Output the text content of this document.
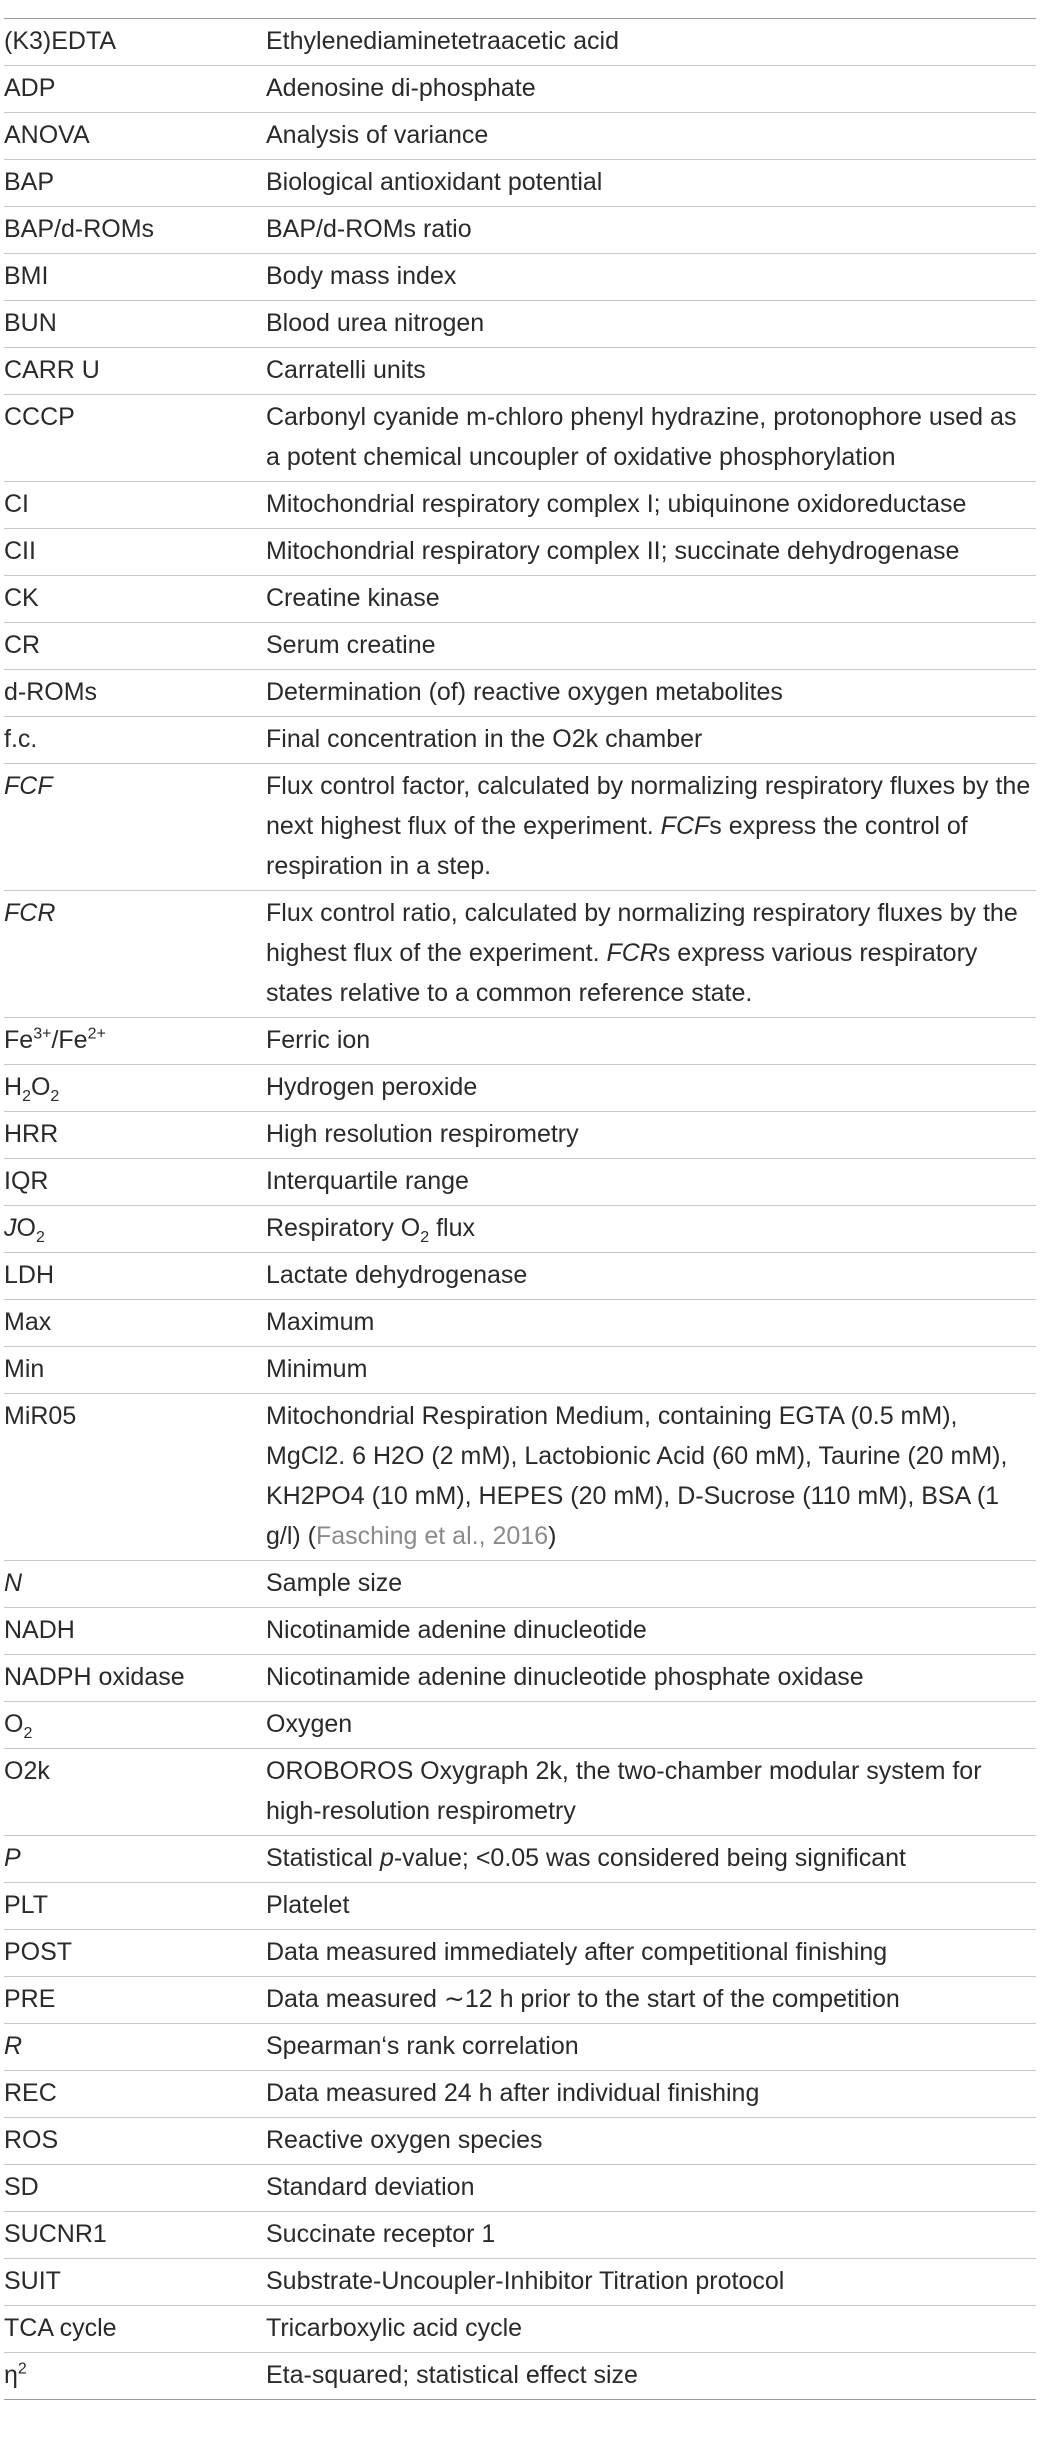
(K3)EDTA	Ethylenediaminetetraacetic acid
ADP	Adenosine di-phosphate
ANOVA	Analysis of variance
BAP	Biological antioxidant potential
BAP/d-ROMs	BAP/d-ROMs ratio
BMI	Body mass index
BUN	Blood urea nitrogen
CARR U	Carratelli units
CCCP	Carbonyl cyanide m-chloro phenyl hydrazine, protonophore used as a potent chemical uncoupler of oxidative phosphorylation
CI	Mitochondrial respiratory complex I; ubiquinone oxidoreductase
CII	Mitochondrial respiratory complex II; succinate dehydrogenase
CK	Creatine kinase
CR	Serum creatine
d-ROMs	Determination (of) reactive oxygen metabolites
f.c.	Final concentration in the O2k chamber
FCF	Flux control factor, calculated by normalizing respiratory fluxes by the next highest flux of the experiment. FCFs express the control of respiration in a step.
FCR	Flux control ratio, calculated by normalizing respiratory fluxes by the highest flux of the experiment. FCRs express various respiratory states relative to a common reference state.
$Fe^{3+}/Fe^{2+}$	Ferric ion
$H_2O_2$	Hydrogen peroxide
HRR	High resolution respirometry
IQR	Interquartile range
$JO_2$	Respiratory $O_2$ flux
LDH	Lactate dehydrogenase
Max	Maximum
Min	Minimum
MiR05	Mitochondrial Respiration Medium, containing EGTA (0.5 mM), MgCl2. 6 H2O (2 mM), Lactobionic Acid (60 mM), Taurine (20 mM), KH2PO4 (10 mM), HEPES (20 mM), D-Sucrose (110 mM), BSA (1 g/l) (Fasching et al., 2016)
N	Sample size
NADH	Nicotinamide adenine dinucleotide
NADPH oxidase	Nicotinamide adenine dinucleotide phosphate oxidase
$O_2$	Oxygen
O2k	OROBOROS Oxygraph 2k, the two-chamber modular system for high-resolution respirometry
P	Statistical p-value; <0.05 was considered being significant
PLT	Platelet
POST	Data measured immediately after competitional finishing
PRE	Data measured ∼12 h prior to the start of the competition
R	Spearman‘s rank correlation
REC	Data measured 24 h after individual finishing
ROS	Reactive oxygen species
SD	Standard deviation
SUCNR1	Succinate receptor 1
SUIT	Substrate-Uncoupler-Inhibitor Titration protocol
TCA cycle	Tricarboxylic acid cycle
$\eta^2$	Eta-squared; statistical effect size
